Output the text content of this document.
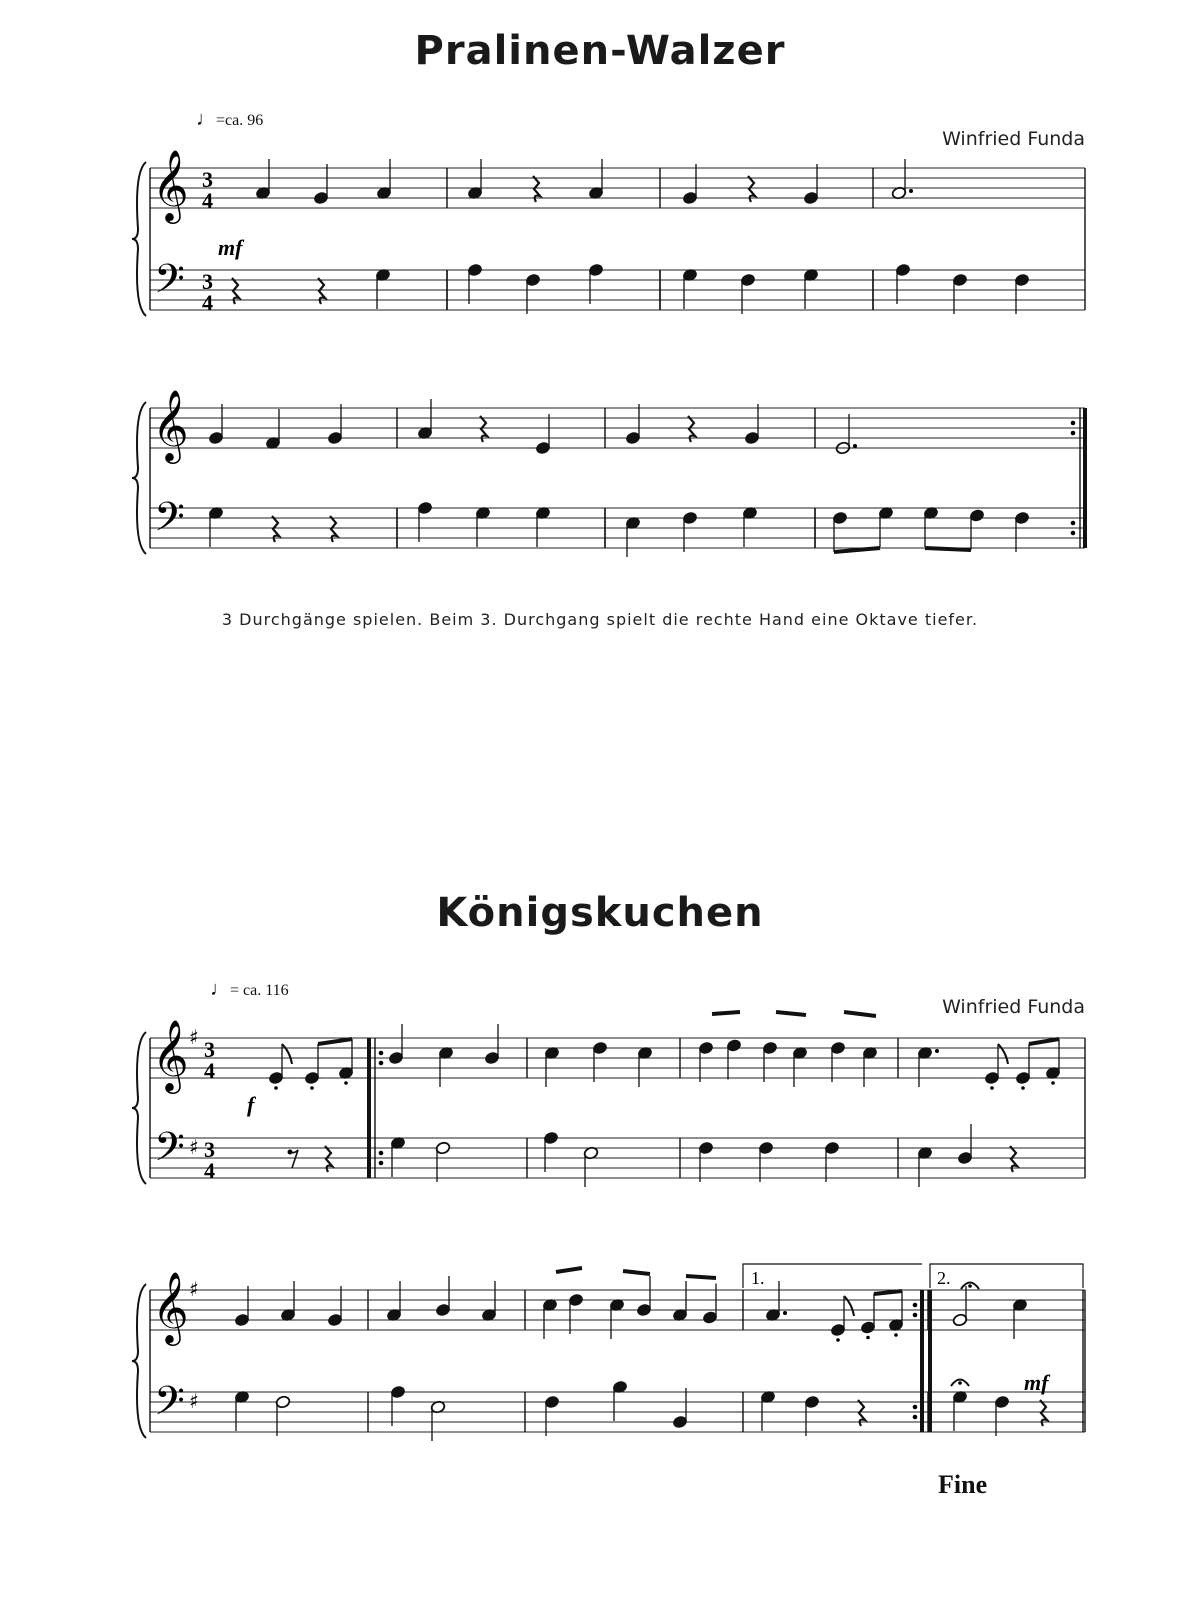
Pralinen-Walzer
♩=ca. 96
Winfried Funda
3 Durchgänge spielen. Beim 3. Durchgang spielt die rechte Hand eine Oktave tiefer.
Königskuchen
♩= ca. 116
Winfried Funda
Fine
𝄞
𝄢
3
4
3
4
mf
𝄞
𝄢
𝄞
𝄢
♯
♯
3
4
3
4
f
𝄞
𝄢
♯
♯
1.	2.
mf
